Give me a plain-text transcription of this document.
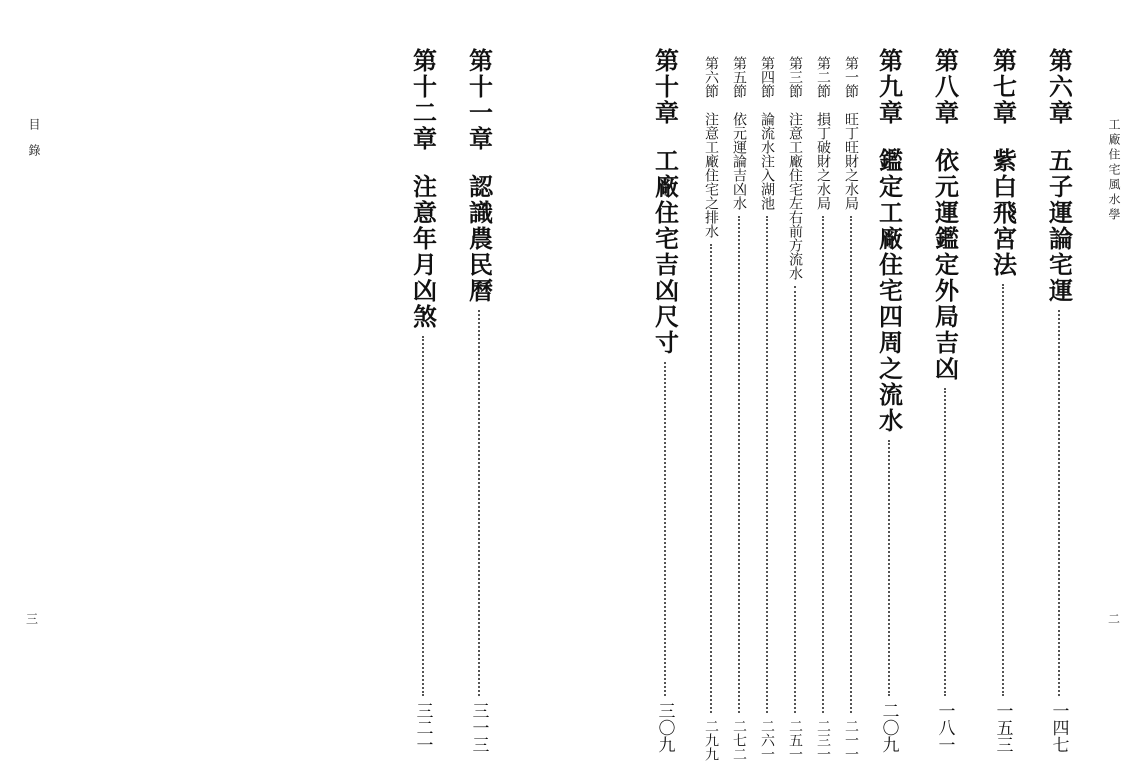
工廠住宅風水學
二
目錄
三
第六章五子運論宅運
一四七
第七章紫白飛宮法
一五三
第八章依元運鑑定外局吉凶
一八一
第九章鑑定工廠住宅四周之流水
二〇九
第一節旺丁旺財之水局
二一一
第二節損丁破財之水局
二三一
第三節注意工廠住宅左右前方流水
二五一
第四節論流水注入湖池
二六一
第五節依元運論吉凶水
二七二
第六節注意工廠住宅之排水
二九九
第十章工廠住宅吉凶尺寸
三〇九
第十一章認識農民曆
三一三
第十二章注意年月凶煞
三二一
